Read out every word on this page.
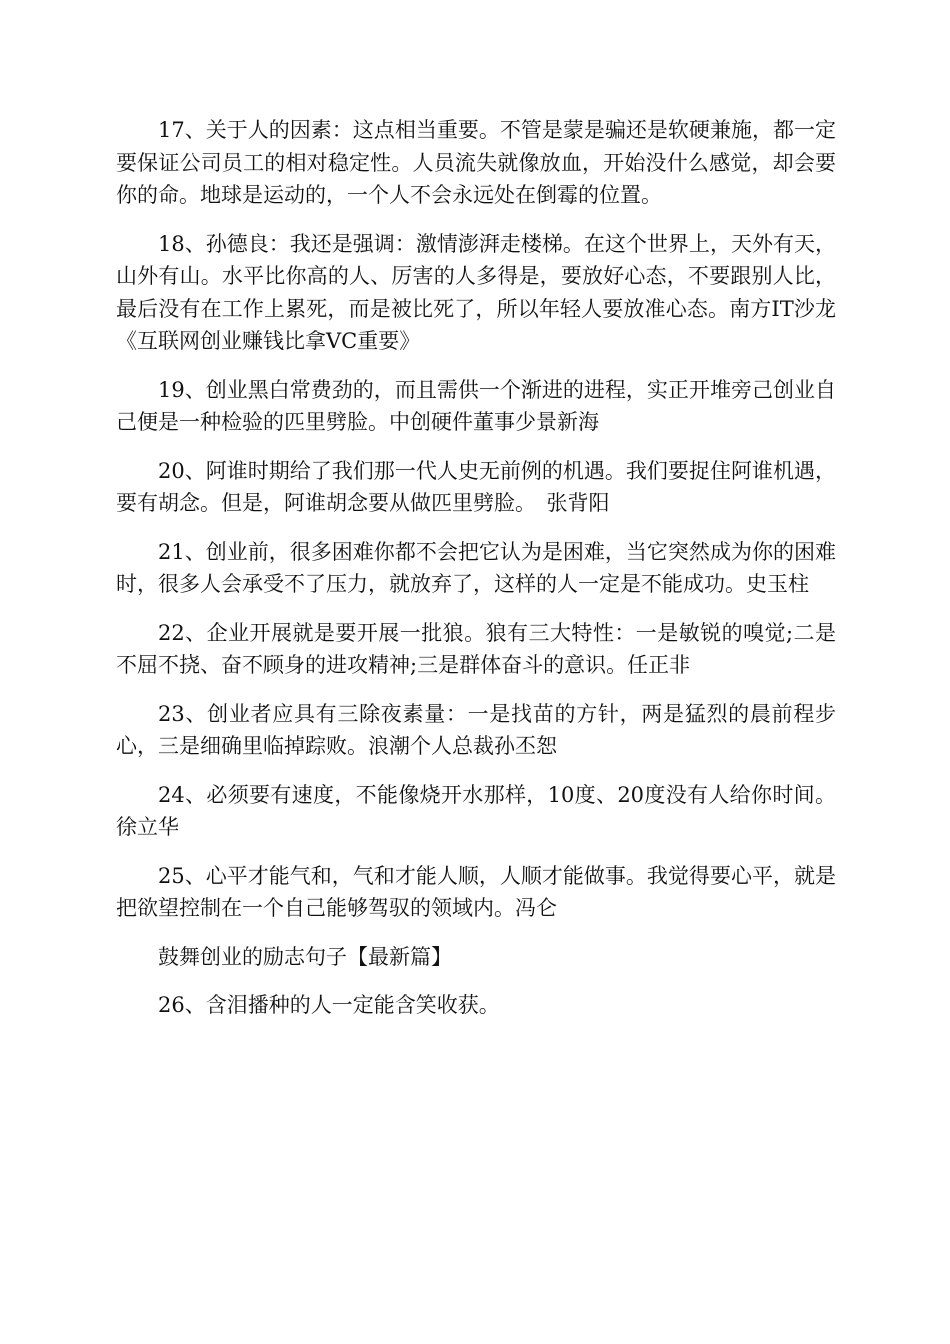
17、关于人的因素：这点相当重要。不管是蒙是骗还是软硬兼施，都一定要保证公司员工的相对稳定性。人员流失就像放血，开始没什么感觉，却会要你的命。地球是运动的，一个人不会永远处在倒霉的位置。

18、孙德良：我还是强调：激情澎湃走楼梯。在这个世界上，天外有天，山外有山。水平比你高的人、厉害的人多得是，要放好心态，不要跟别人比，最后没有在工作上累死，而是被比死了，所以年轻人要放准心态。南方IT沙龙《互联网创业赚钱比拿VC重要》

19、创业黑白常费劲的，而且需供一个渐进的进程，实正开堆旁己创业自己便是一种检验的匹里劈脸。中创硬件董事少景新海

20、阿谁时期给了我们那一代人史无前例的机遇。我们要捉住阿谁机遇，要有胡念。但是，阿谁胡念要从做匹里劈脸。　张背阳

21、创业前，很多困难你都不会把它认为是困难，当它突然成为你的困难时，很多人会承受不了压力，就放弃了，这样的人一定是不能成功。史玉柱

22、企业开展就是要开展一批狼。狼有三大特性：一是敏锐的嗅觉;二是不屈不挠、奋不顾身的进攻精神;三是群体奋斗的意识。任正非

23、创业者应具有三除夜素量：一是找苗的方针，两是猛烈的晨前程步心，三是细确里临掉踪败。浪潮个人总裁孙丕恕

24、必须要有速度，不能像烧开水那样，10度、20度没有人给你时间。徐立华

25、心平才能气和，气和才能人顺，人顺才能做事。我觉得要心平，就是把欲望控制在一个自己能够驾驭的领域内。冯仑

鼓舞创业的励志句子【最新篇】

26、含泪播种的人一定能含笑收获。
